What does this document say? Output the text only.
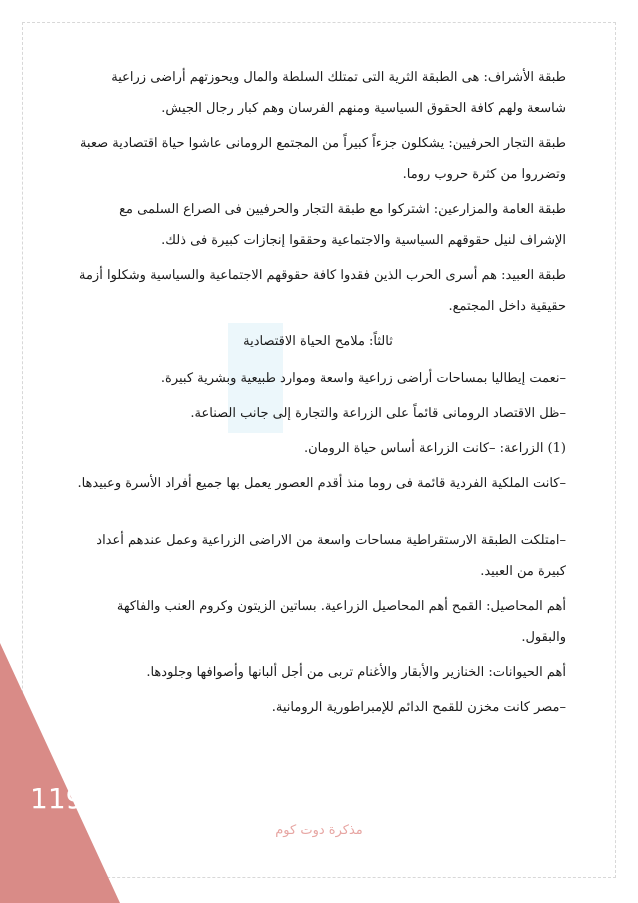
طبقة الأشراف: هى الطبقة الثرية التى تمتلك السلطة والمال ويحوزتهم أراضى زراعية شاسعة ولهم كافة الحقوق السياسية ومنهم الفرسان وهم كبار رجال الجيش.

طبقة التجار الحرفيين: يشكلون جزءاً كبيراً من المجتمع الرومانى عاشوا حياة اقتصادية صعبة وتضرروا من كثرة حروب روما.

طبقة العامة والمزارعين: اشتركوا مع طبقة التجار والحرفيين فى الصراع السلمى مع الإشراف لنيل حقوقهم السياسية والاجتماعية وحققوا إنجازات كبيرة فى ذلك.

طبقة العبيد: هم أسرى الحرب الذين فقدوا كافة حقوقهم الاجتماعية والسياسية وشكلوا أزمة حقيقية داخل المجتمع.

ثالثاً: ملامح الحياة الاقتصادية

–نعمت إيطاليا بمساحات أراضى زراعية واسعة وموارد طبيعية وبشرية كبيرة.

–ظل الاقتصاد الرومانى قائماً على الزراعة والتجارة إلى جانب الصناعة.

(1) الزراعة: –كانت الزراعة أساس حياة الرومان.

–كانت الملكية الفردية قائمة فى روما منذ أقدم العصور يعمل بها جميع أفراد الأسرة وعبيدها.

–امتلكت الطبقة الارستقراطية مساحات واسعة من الاراضى الزراعية وعمل عندهم أعداد كبيرة من العبيد.

أهم المحاصيل: القمح أهم المحاصيل الزراعية. بساتين الزيتون وكروم العنب والفاكهة والبقول.

أهم الحيوانات: الخنازير والأبقار والأغنام تربى من أجل ألبانها وأصوافها وجلودها.

–مصر كانت مخزن للقمح الدائم للإمبراطورية الرومانية.

119
مذكرة دوت كوم
